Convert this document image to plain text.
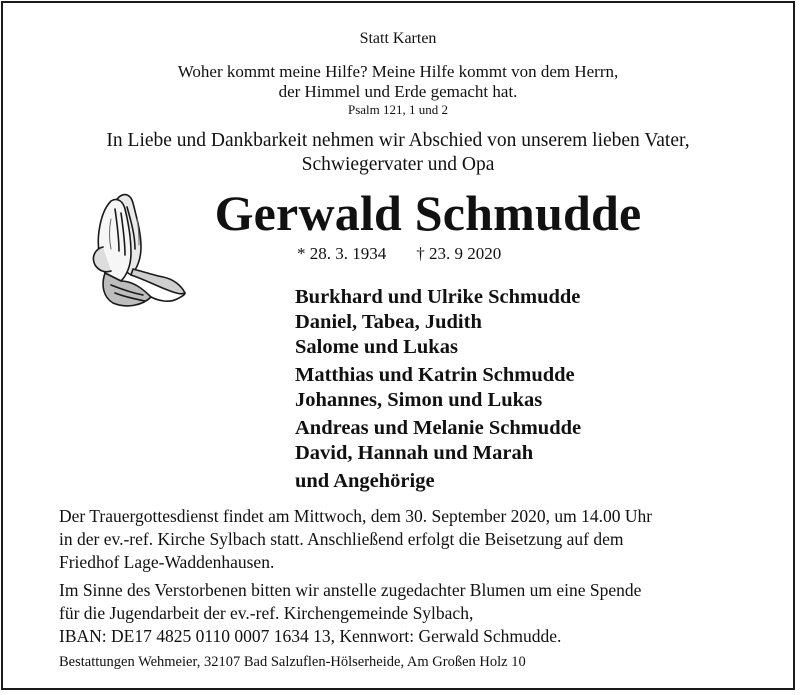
Statt Karten
Woher kommt meine Hilfe? Meine Hilfe kommt von dem Herrn,
der Himmel und Erde gemacht hat.
Psalm 121, 1 und 2
In Liebe und Dankbarkeit nehmen wir Abschied von unserem lieben Vater,
Schwiegervater und Opa
Gerwald Schmudde
* 28. 3. 1934 † 23. 9 2020
Burkhard und Ulrike Schmudde
Daniel, Tabea, Judith
Salome und Lukas
Matthias und Katrin Schmudde
Johannes, Simon und Lukas
Andreas und Melanie Schmudde
David, Hannah und Marah
und Angehörige
Der Trauergottesdienst findet am Mittwoch, dem 30. September 2020, um 14.00 Uhr
in der ev.-ref. Kirche Sylbach statt. Anschließend erfolgt die Beisetzung auf dem
Friedhof Lage-Waddenhausen.
Im Sinne des Verstorbenen bitten wir anstelle zugedachter Blumen um eine Spende
für die Jugendarbeit der ev.-ref. Kirchengemeinde Sylbach,
IBAN: DE17 4825 0110 0007 1634 13, Kennwort: Gerwald Schmudde.
Bestattungen Wehmeier, 32107 Bad Salzuflen-Hölserheide, Am Großen Holz 10
